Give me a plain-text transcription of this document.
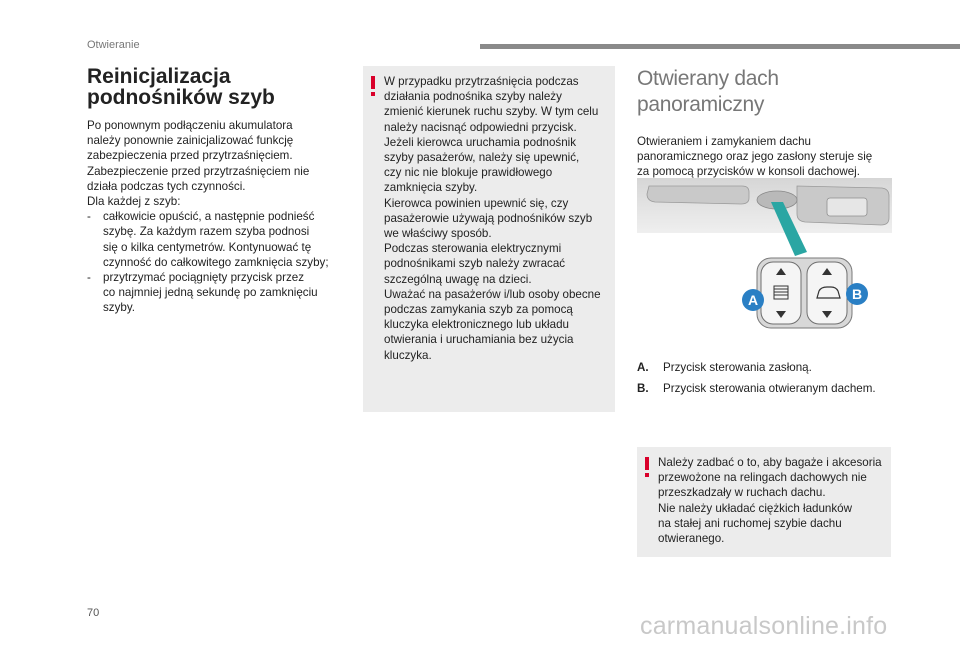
Otwieranie
Reinicjalizacja
podnośników szyb
Po ponownym podłączeniu akumulatora
należy ponownie zainicjalizować funkcję
zabezpieczenia przed przytrzaśnięciem.
Zabezpieczenie przed przytrzaśnięciem nie
działa podczas tych czynności.
Dla każdej z szyb:
- całkowicie opuścić, a następnie podnieść
szybę. Za każdym razem szyba podnosi
się o kilka centymetrów. Kontynuować tę
czynność do całkowitego zamknięcia szyby;
- przytrzymać pociągnięty przycisk przez
co najmniej jedną sekundę po zamknięciu
szyby.
W przypadku przytrzaśnięcia podczas
działania podnośnika szyby należy
zmienić kierunek ruchu szyby. W tym celu
należy nacisnąć odpowiedni przycisk.
Jeżeli kierowca uruchamia podnośnik
szyby pasażerów, należy się upewnić,
czy nic nie blokuje prawidłowego
zamknięcia szyby.
Kierowca powinien upewnić się, czy
pasażerowie używają podnośników szyb
we właściwy sposób.
Podczas sterowania elektrycznymi
podnośnikami szyb należy zwracać
szczególną uwagę na dzieci.
Uważać na pasażerów i/lub osoby obecne
podczas zamykania szyb za pomocą
kluczyka elektronicznego lub układu
otwierania i uruchamiania bez użycia
kluczyka.
Otwierany dach panoramiczny
Otwieraniem i zamykaniem dachu
panoramicznego oraz jego zasłony steruje się
za pomocą przycisków w konsoli dachowej.
A	B
A. Przycisk sterowania zasłoną.
B. Przycisk sterowania otwieranym dachem.
Należy zadbać o to, aby bagaże i akcesoria
przewożone na relingach dachowych nie
przeszkadzały w ruchach dachu.
Nie należy układać ciężkich ładunków
na stałej ani ruchomej szybie dachu
otwieranego.
70	carmanualsonline.info
